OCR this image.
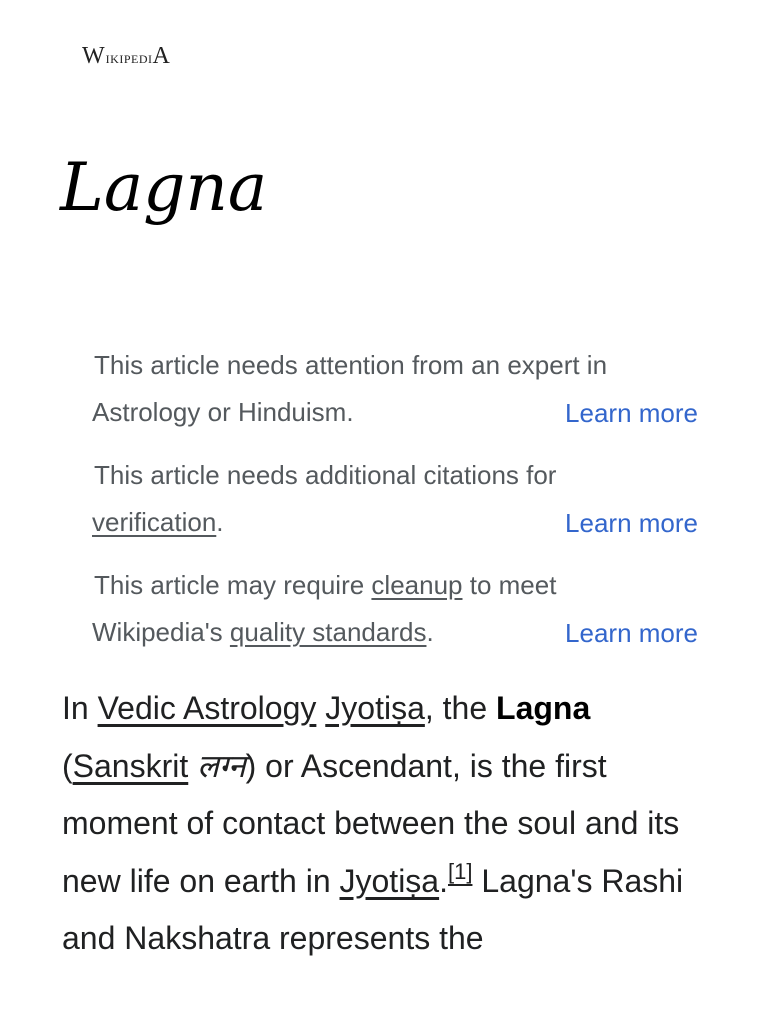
WikipediA
Lagna
This article needs attention from an expert in
Astrology or Hinduism.	Learn more
This article needs additional citations for
verification.	Learn more
This article may require cleanup to meet
Wikipedia's quality standards.	Learn more

In Vedic Astrology Jyotiṣa, the Lagna (Sanskrit लग्न) or Ascendant, is the first moment of contact between the soul and its new life on earth in Jyotiṣa.[1] Lagna's Rashi and Nakshatra represents the
